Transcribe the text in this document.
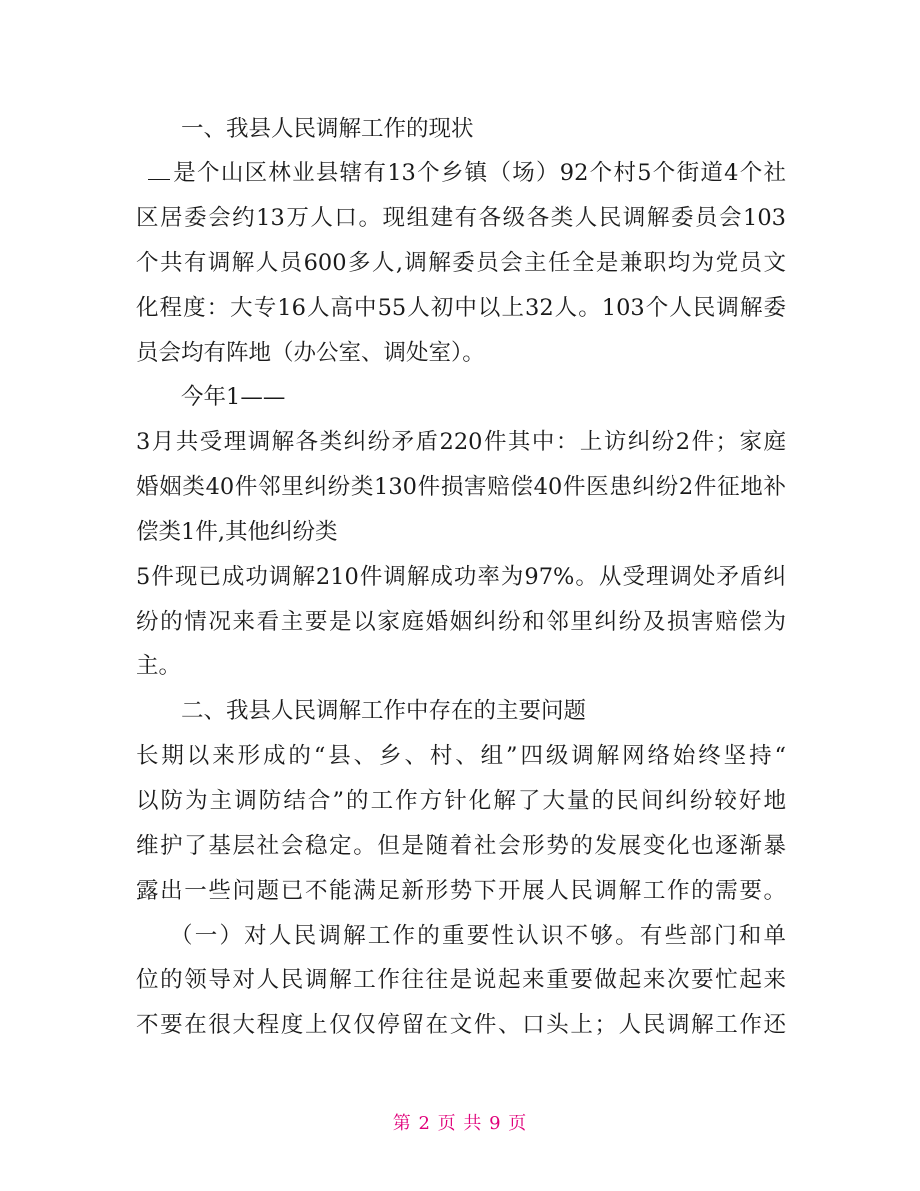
一、我县人民调解工作的现状
是个山区林业县辖有13个乡镇（场）92个村5个街道4个社
区居委会约13万人口。现组建有各级各类人民调解委员会103
个共有调解人员600多人,调解委员会主任全是兼职均为党员文
化程度：大专16人高中55人初中以上32人。103个人民调解委
员会均有阵地（办公室、调处室）。
今年1——
3月共受理调解各类纠纷矛盾220件其中：上访纠纷2件；家庭
婚姻类40件邻里纠纷类130件损害赔偿40件医患纠纷2件征地补
偿类1件,其他纠纷类
5件现已成功调解210件调解成功率为97%。从受理调处矛盾纠
纷的情况来看主要是以家庭婚姻纠纷和邻里纠纷及损害赔偿为
主。
二、我县人民调解工作中存在的主要问题
长期以来形成的“县、乡、村、组”四级调解网络始终坚持“
以防为主调防结合”的工作方针化解了大量的民间纠纷较好地
维护了基层社会稳定。但是随着社会形势的发展变化也逐渐暴
露出一些问题已不能满足新形势下开展人民调解工作的需要。
（一）对人民调解工作的重要性认识不够。有些部门和单
位的领导对人民调解工作往往是说起来重要做起来次要忙起来
不要在很大程度上仅仅停留在文件、口头上；人民调解工作还
第 2 页 共 9 页
